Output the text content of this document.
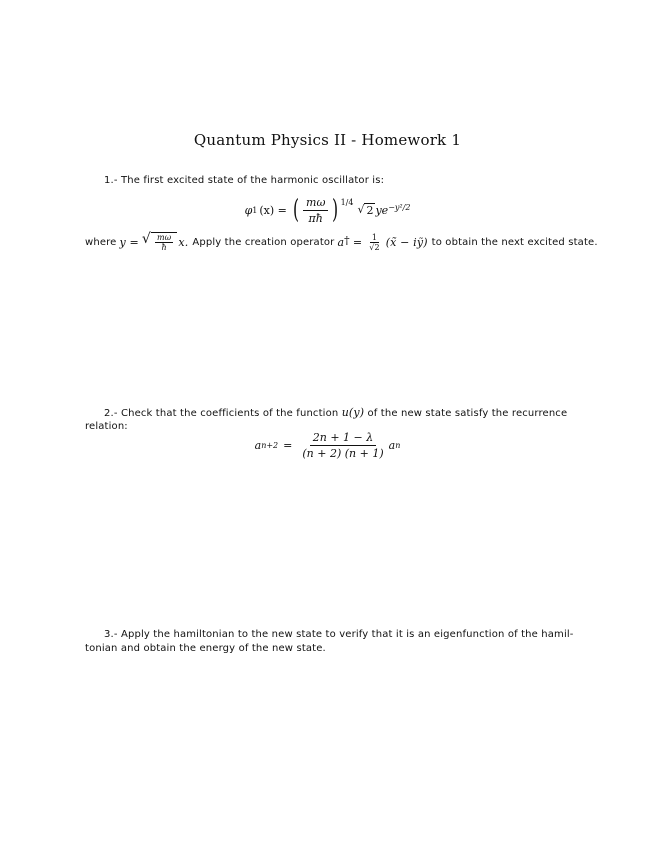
Quantum Physics II - Homework 1
1.- The first excited state of the harmonic oscillator is:
φ 1 (x) = ( $\frac{m\omega}{\pi ħ}$ ) $^{1/4}$
√ 2 $ye^{-y^2/2}$
where y = √ $\frac{m\omega}{ħ} x$. Apply the creation operator $a^\dagger = \frac{1}{√2}$ (x̃ − iỹ) to obtain the next excited state.
2.- Check that the coefficients of the function u(y) of the new state satisfy the recurrence
relation:
a $n+2 = \frac{2n + 1 - \lambda}{(n + 2) (n + 1)}$ a n
3.- Apply the hamiltonian to the new state to verify that it is an eigenfunction of the hamil-
tonian and obtain the energy of the new state.
